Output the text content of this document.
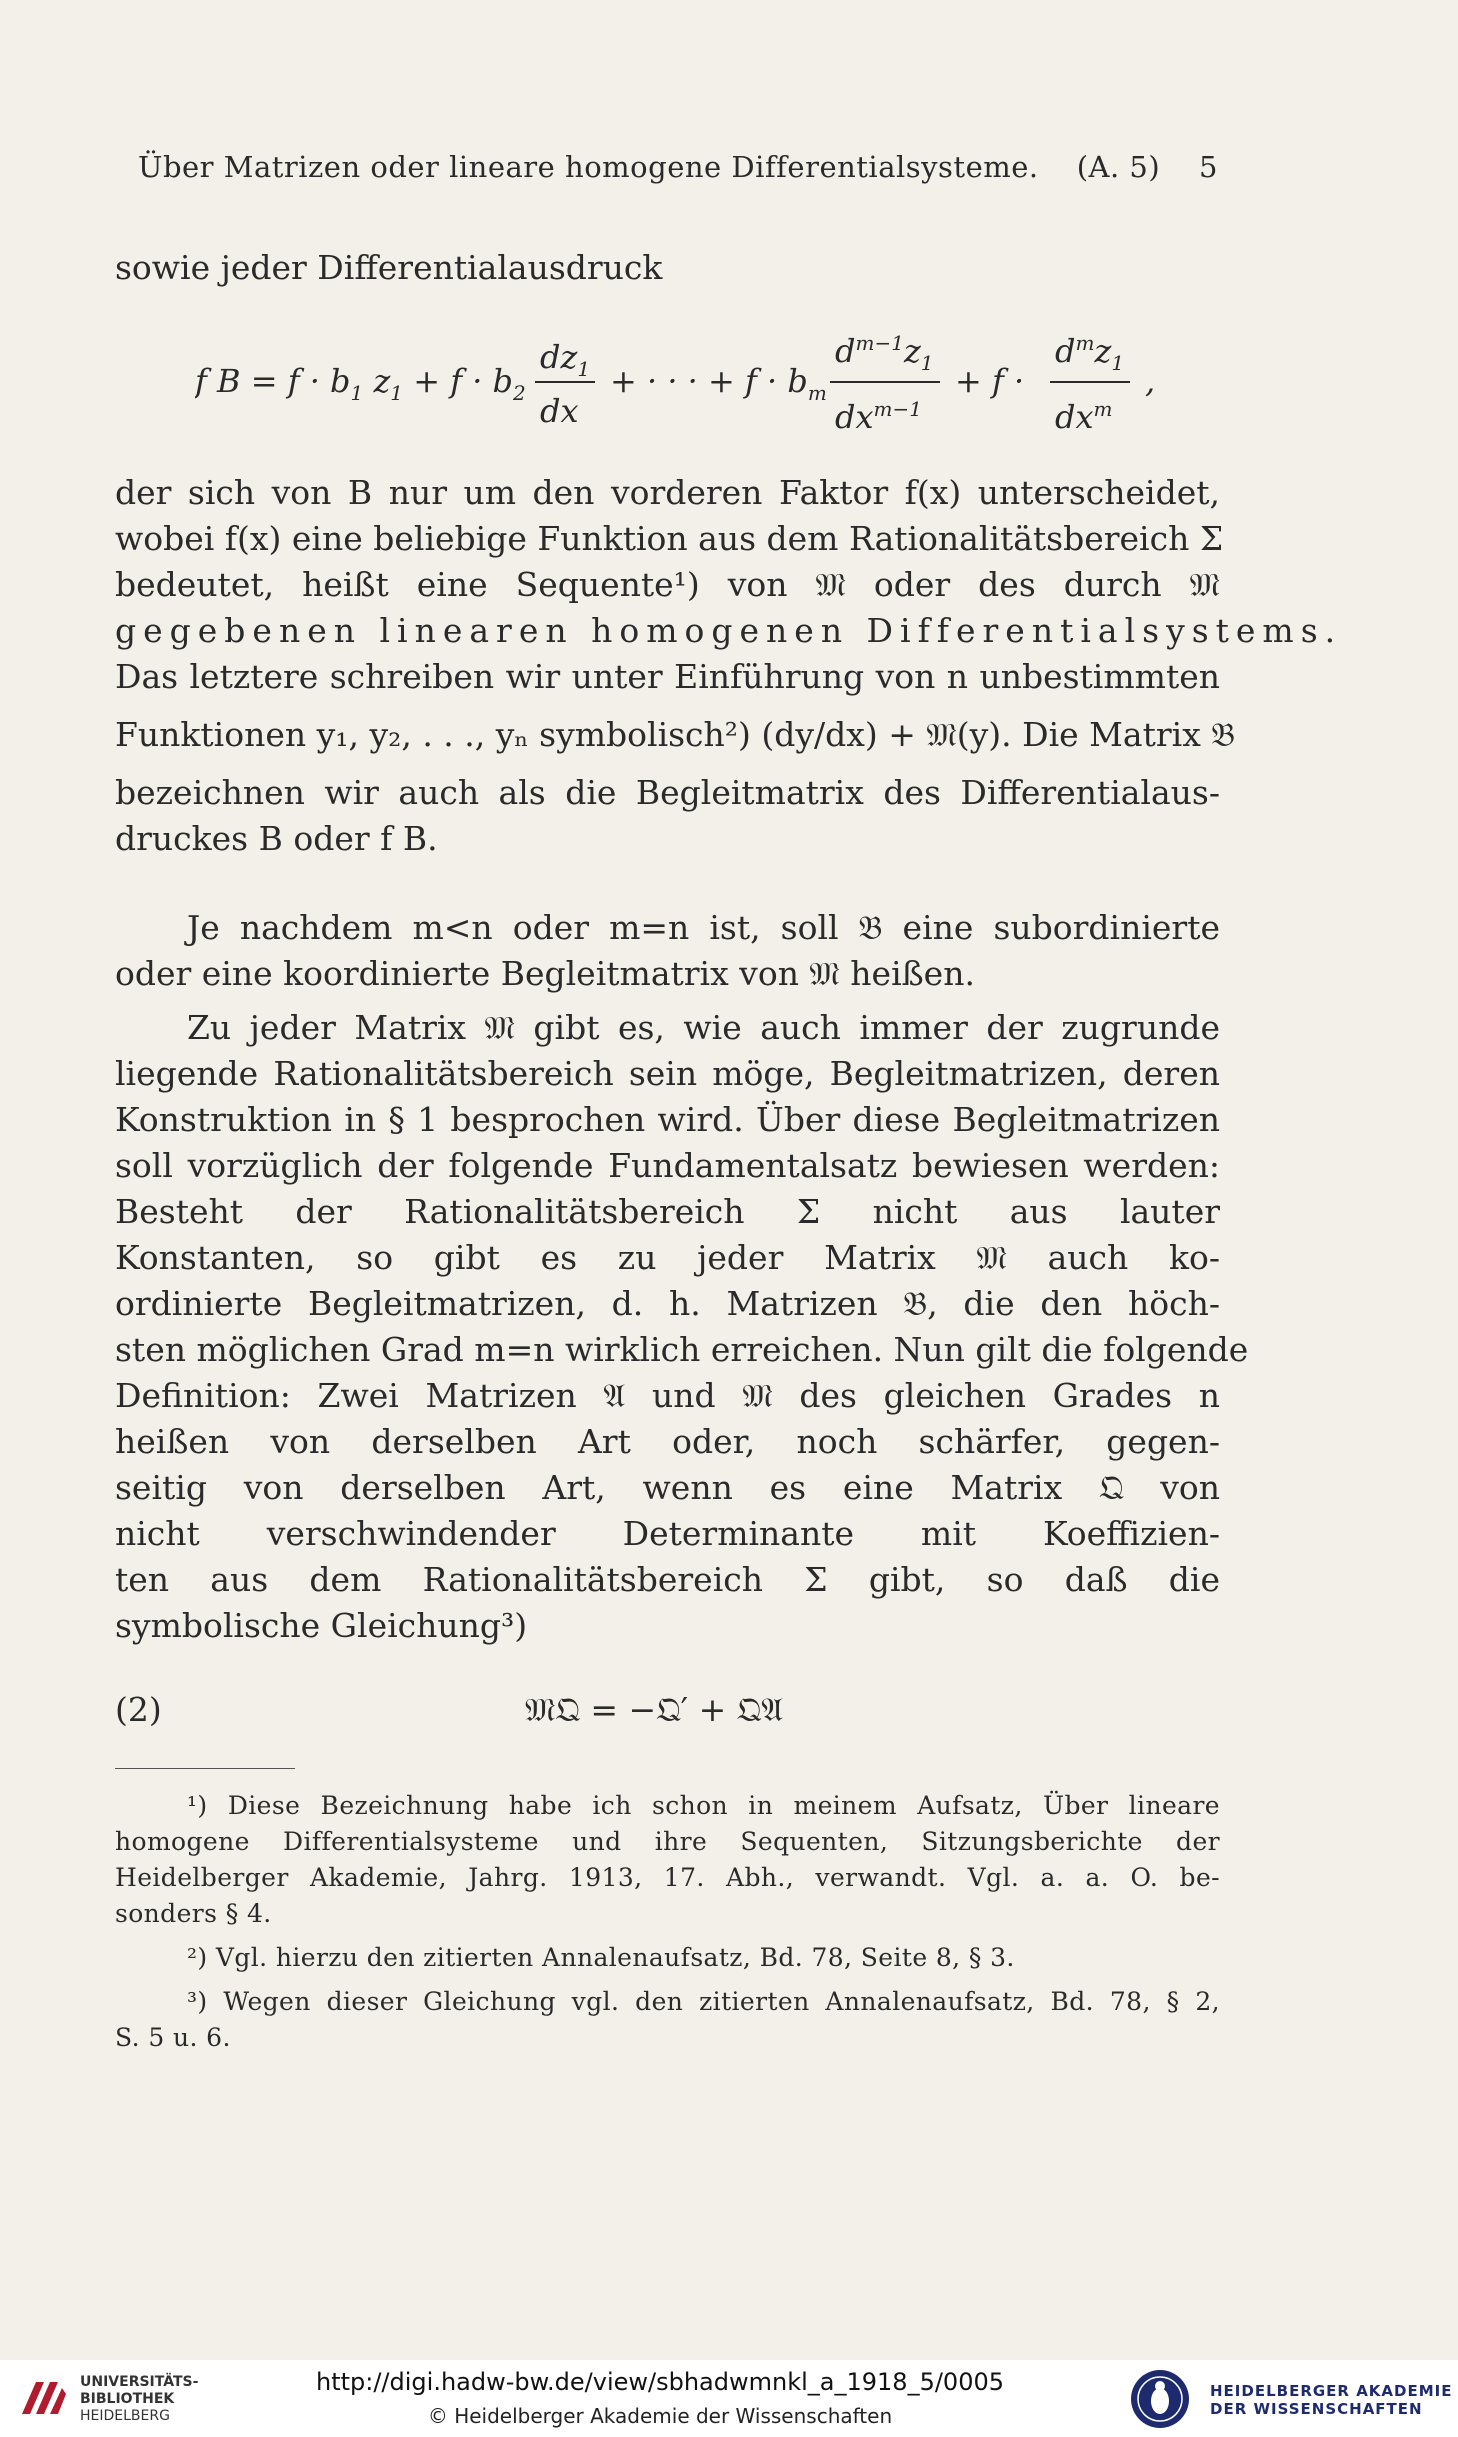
Über Matrizen oder lineare homogene Differentialsysteme. (A. 5) 5
sowie jeder Differentialausdruck
f $B = f \cdot b_1$ $z_1 + f \cdot b_2$
$dz_1$
dx
+ · · · + $f \cdot b_m$
$d^{m-1}z_1$
$dx^{m-1}$
+ f ·
$d^mz_1$
$dx^m$
,
der sich von B nur um den vorderen Faktor f(x) unterscheidet,
wobei f(x) eine beliebige Funktion aus dem Rationalitätsbereich Σ
bedeutet, heißt eine Sequente¹) von 𝔐 oder des durch 𝔐
gegebenen linearen homogenen Differentialsystems.
Das letztere schreiben wir unter Einführung von n unbestimmten
Funktionen y₁, y₂, . . ., yₙ symbolisch²) (dy/dx) + 𝔐(y). Die Matrix 𝔅
bezeichnen wir auch als die Begleitmatrix des Differentialaus-
druckes B oder f B.
Je nachdem m<n oder m=n ist, soll 𝔅 eine subordinierte
oder eine koordinierte Begleitmatrix von 𝔐 heißen.
Zu jeder Matrix 𝔐 gibt es, wie auch immer der zugrunde
liegende Rationalitätsbereich sein möge, Begleitmatrizen, deren
Konstruktion in § 1 besprochen wird. Über diese Begleitmatrizen
soll vorzüglich der folgende Fundamentalsatz bewiesen werden:
Besteht der Rationalitätsbereich Σ nicht aus lauter
Konstanten, so gibt es zu jeder Matrix 𝔐 auch ko-
ordinierte Begleitmatrizen, d. h. Matrizen 𝔅, die den höch-
sten möglichen Grad m=n wirklich erreichen. Nun gilt die folgende
Definition: Zwei Matrizen 𝔄 und 𝔐 des gleichen Grades n
heißen von derselben Art oder, noch schärfer, gegen-
seitig von derselben Art, wenn es eine Matrix 𝔔 von
nicht verschwindender Determinante mit Koeffizien-
ten aus dem Rationalitätsbereich Σ gibt, so daß die
symbolische Gleichung³)
(2)	𝔐𝔔 = −𝔔′ + 𝔔𝔄
¹) Diese Bezeichnung habe ich schon in meinem Aufsatz, Über lineare
homogene Differentialsysteme und ihre Sequenten, Sitzungsberichte der
Heidelberger Akademie, Jahrg. 1913, 17. Abh., verwandt. Vgl. a. a. O. be-
sonders § 4.
²) Vgl. hierzu den zitierten Annalenaufsatz, Bd. 78, Seite 8, § 3.
³) Wegen dieser Gleichung vgl. den zitierten Annalenaufsatz, Bd. 78, § 2,
S. 5 u. 6.
UNIVERSITÄTS-
BIBLIOTHEK
HEIDELBERG
http://digi.hadw-bw.de/view/sbhadwmnkl_a_1918_5/0005
© Heidelberger Akademie der Wissenschaften
HEIDELBERGER AKADEMIE
DER WISSENSCHAFTEN
